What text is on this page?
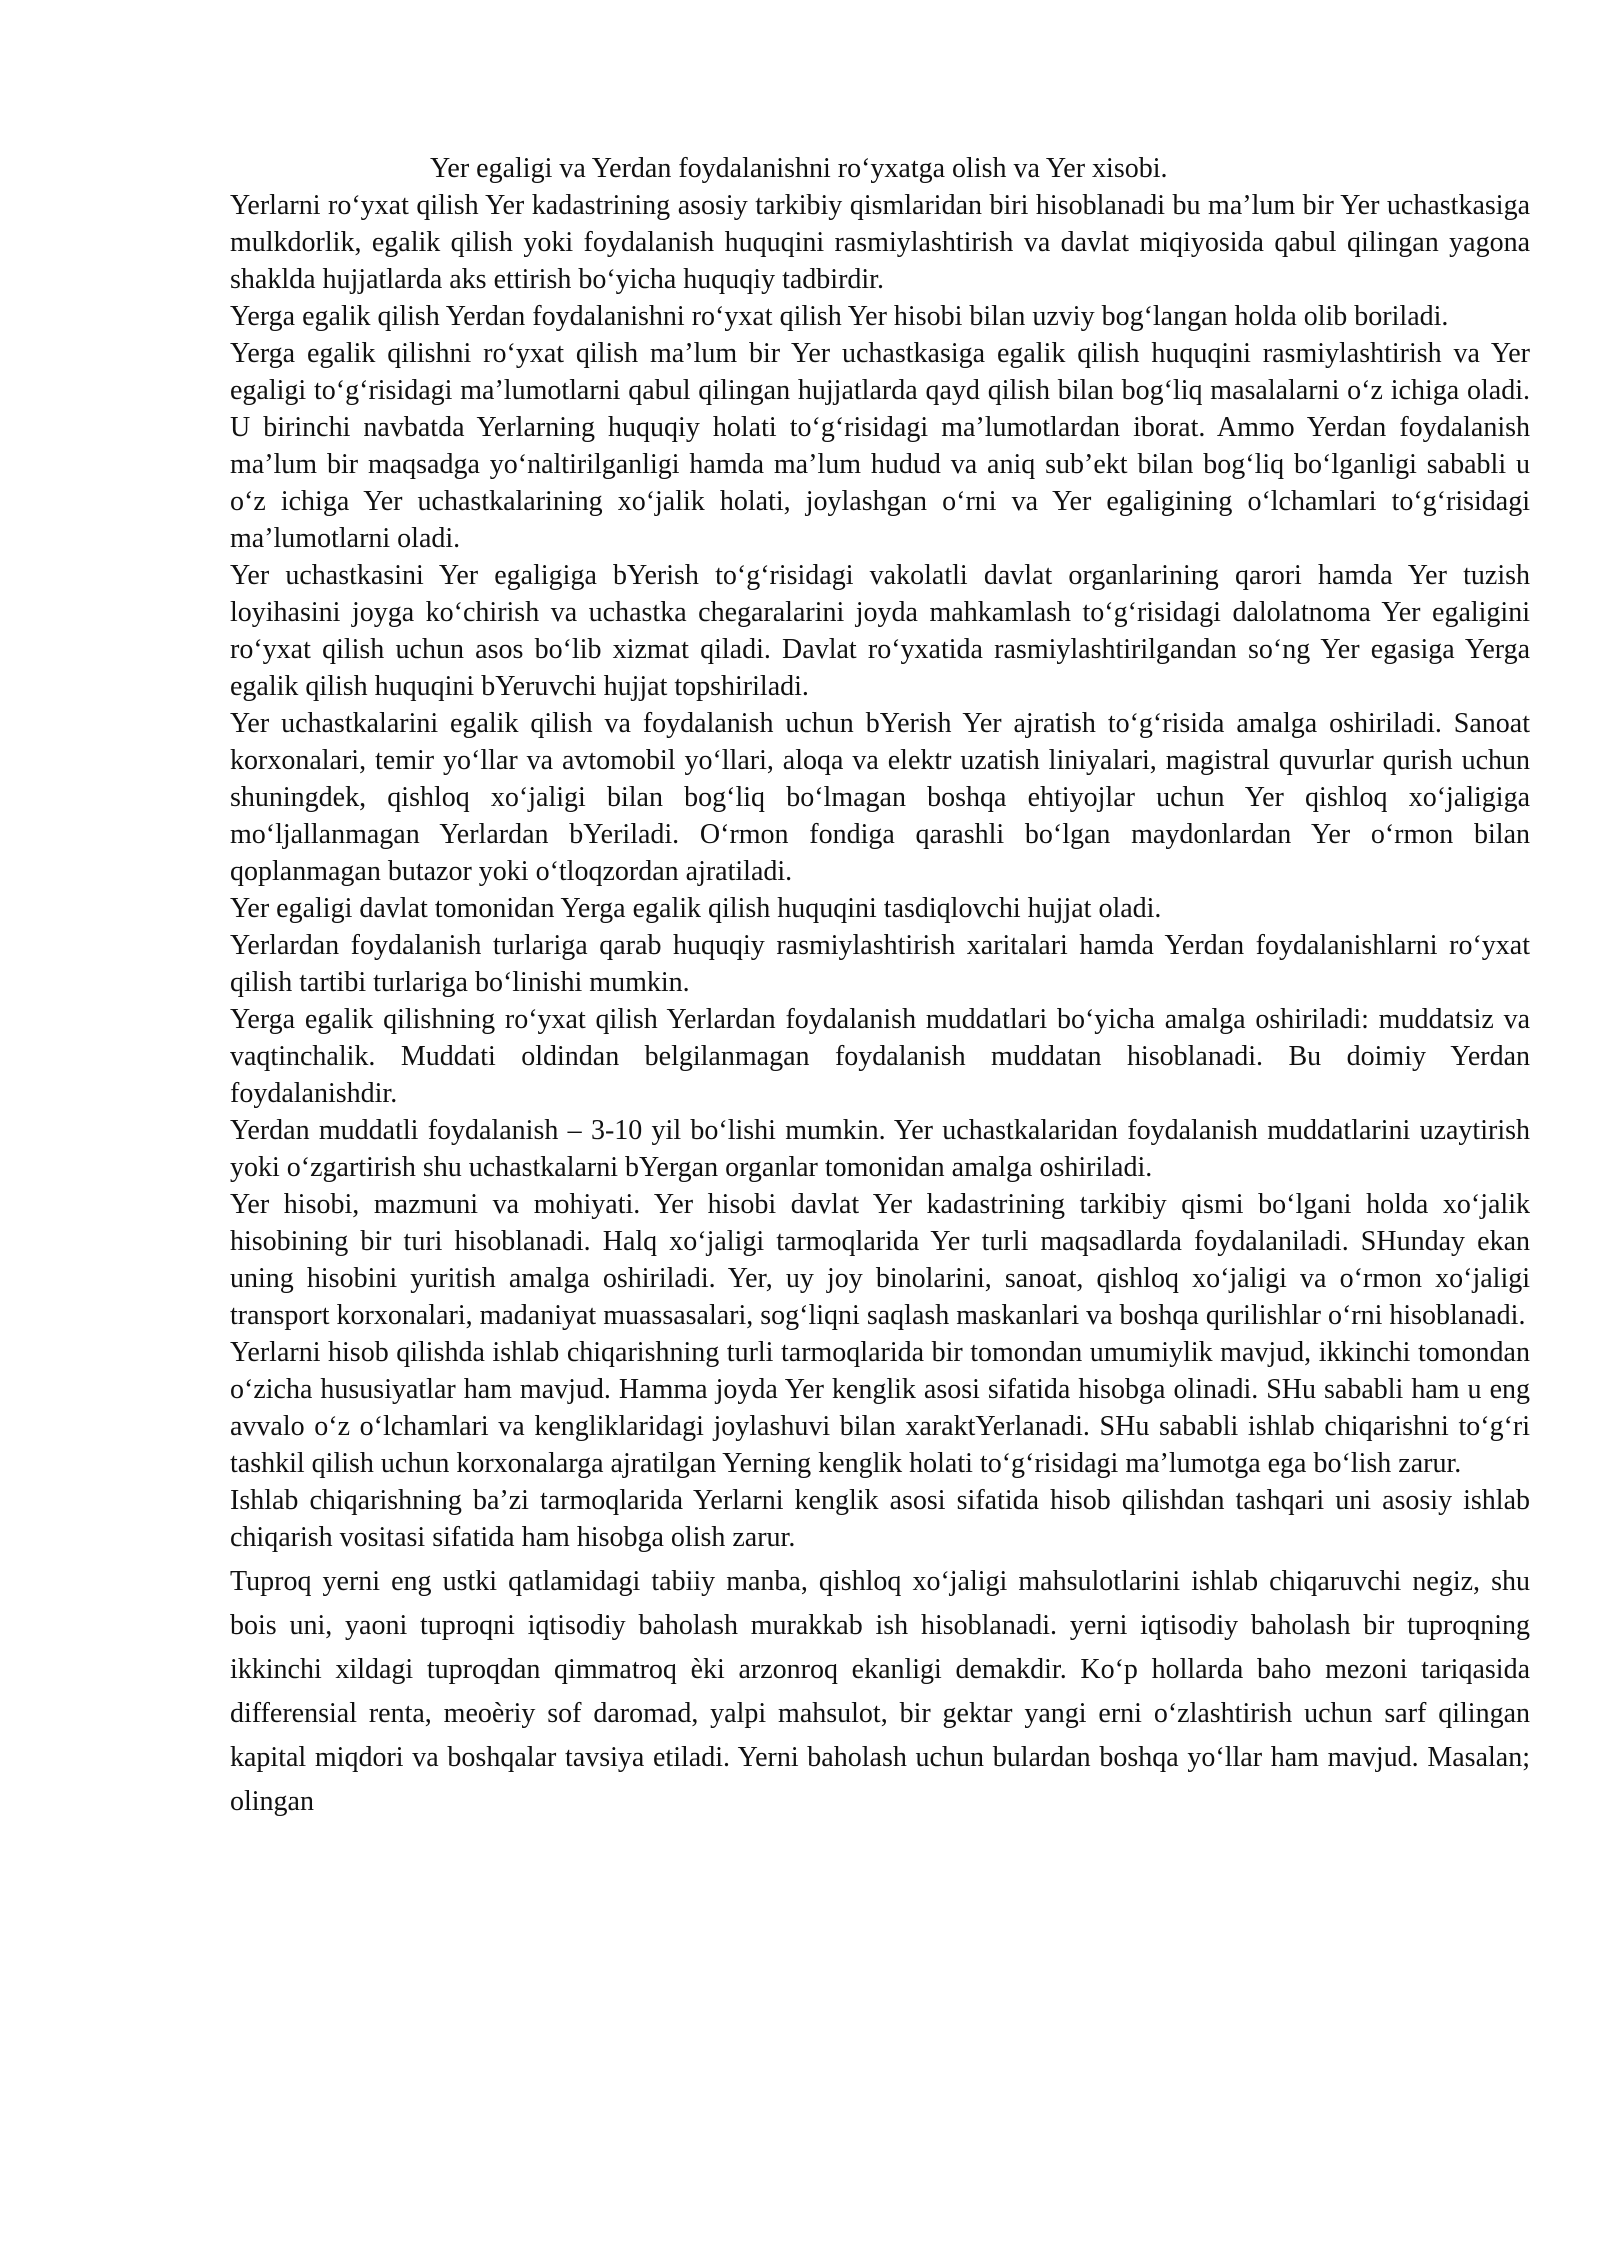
Yer egaligi va Yerdan foydalanishni ro‘yxatga olish va Yer xisobi.

Yerlarni ro‘yxat qilish Yer kadastrining asosiy tarkibiy qismlaridan biri hisoblanadi bu ma’lum bir Yer uchastkasiga mulkdorlik, egalik qilish yoki foydalanish huquqini rasmiylashtirish va davlat miqiyosida qabul qilingan yagona shaklda hujjatlarda aks ettirish bo‘yicha huquqiy tadbirdir.

Yerga egalik qilish Yerdan foydalanishni ro‘yxat qilish Yer hisobi bilan uzviy bog‘langan holda olib boriladi.

Yerga egalik qilishni ro‘yxat qilish ma’lum bir Yer uchastkasiga egalik qilish huquqini rasmiylashtirish va Yer egaligi to‘g‘risidagi ma’lumotlarni qabul qilingan hujjatlarda qayd qilish bilan bog‘liq masalalarni o‘z ichiga oladi. U birinchi navbatda Yerlarning huquqiy holati to‘g‘risidagi ma’lumotlardan iborat. Ammo Yerdan foydalanish ma’lum bir maqsadga yo‘naltirilganligi hamda ma’lum hudud va aniq sub’ekt bilan bog‘liq bo‘lganligi sababli u o‘z ichiga Yer uchastkalarining xo‘jalik holati, joylashgan o‘rni va Yer egaligining o‘lchamlari to‘g‘risidagi ma’lumotlarni oladi.

Yer uchastkasini Yer egaligiga bYerish to‘g‘risidagi vakolatli davlat organlarining qarori hamda Yer tuzish loyihasini joyga ko‘chirish va uchastka chegaralarini joyda mahkamlash to‘g‘risidagi dalolatnoma Yer egaligini ro‘yxat qilish uchun asos bo‘lib xizmat qiladi. Davlat ro‘yxatida rasmiylashtirilgandan so‘ng Yer egasiga Yerga egalik qilish huquqini bYeruvchi hujjat topshiriladi.

Yer uchastkalarini egalik qilish va foydalanish uchun bYerish Yer ajratish to‘g‘risida amalga oshiriladi. Sanoat korxonalari, temir yo‘llar va avtomobil yo‘llari, aloqa va elektr uzatish liniyalari, magistral quvurlar qurish uchun shuningdek, qishloq xo‘jaligi bilan bog‘liq bo‘lmagan boshqa ehtiyojlar uchun Yer qishloq xo‘jaligiga mo‘ljallanmagan Yerlardan bYeriladi. O‘rmon fondiga qarashli bo‘lgan maydonlardan Yer o‘rmon bilan qoplanmagan butazor yoki o‘tloqzordan ajratiladi.

Yer egaligi davlat tomonidan Yerga egalik qilish huquqini tasdiqlovchi hujjat oladi.

Yerlardan foydalanish turlariga qarab huquqiy rasmiylashtirish xaritalari hamda Yerdan foydalanishlarni ro‘yxat qilish tartibi turlariga bo‘linishi mumkin.

Yerga egalik qilishning ro‘yxat qilish Yerlardan foydalanish muddatlari bo‘yicha amalga oshiriladi: muddatsiz va vaqtinchalik. Muddati oldindan belgilanmagan foydalanish muddatan hisoblanadi. Bu doimiy Yerdan foydalanishdir.

Yerdan muddatli foydalanish – 3-10 yil bo‘lishi mumkin. Yer uchastkalaridan foydalanish muddatlarini uzaytirish yoki o‘zgartirish shu uchastkalarni bYergan organlar tomonidan amalga oshiriladi.

Yer hisobi, mazmuni va mohiyati. Yer hisobi davlat Yer kadastrining tarkibiy qismi bo‘lgani holda xo‘jalik hisobining bir turi hisoblanadi. Halq xo‘jaligi tarmoqlarida Yer turli maqsadlarda foydalaniladi. SHunday ekan uning hisobini yuritish amalga oshiriladi. Yer, uy joy binolarini, sanoat, qishloq xo‘jaligi va o‘rmon xo‘jaligi transport korxonalari, madaniyat muassasalari, sog‘liqni saqlash maskanlari va boshqa qurilishlar o‘rni hisoblanadi.

Yerlarni hisob qilishda ishlab chiqarishning turli tarmoqlarida bir tomondan umumiylik mavjud, ikkinchi tomondan o‘zicha hususiyatlar ham mavjud. Hamma joyda Yer kenglik asosi sifatida hisobga olinadi. SHu sababli ham u eng avvalo o‘z o‘lchamlari va kengliklaridagi joylashuvi bilan xaraktYerlanadi. SHu sababli ishlab chiqarishni to‘g‘ri tashkil qilish uchun korxonalarga ajratilgan Yerning kenglik holati to‘g‘risidagi ma’lumotga ega bo‘lish zarur.

Ishlab chiqarishning ba’zi tarmoqlarida Yerlarni kenglik asosi sifatida hisob qilishdan tashqari uni asosiy ishlab chiqarish vositasi sifatida ham hisobga olish zarur.

Tuproq yerni eng ustki qatlamidagi tabiiy manba, qishloq xo‘jaligi mahsulotlarini ishlab chiqaruvchi negiz, shu bois uni, yaoni tuproqni iqtisodiy baholash murakkab ish hisoblanadi. yerni iqtisodiy baholash bir tuproqning ikkinchi xildagi tuproqdan qimmatroq èki arzonroq ekanligi demakdir. Ko‘p hollarda baho mezoni tariqasida differensial renta, meoèriy sof daromad, yalpi mahsulot, bir gektar yangi erni o‘zlashtirish uchun sarf qilingan kapital miqdori va boshqalar tavsiya etiladi. Yerni baholash uchun bulardan boshqa yo‘llar ham mavjud. Masalan; olingan
